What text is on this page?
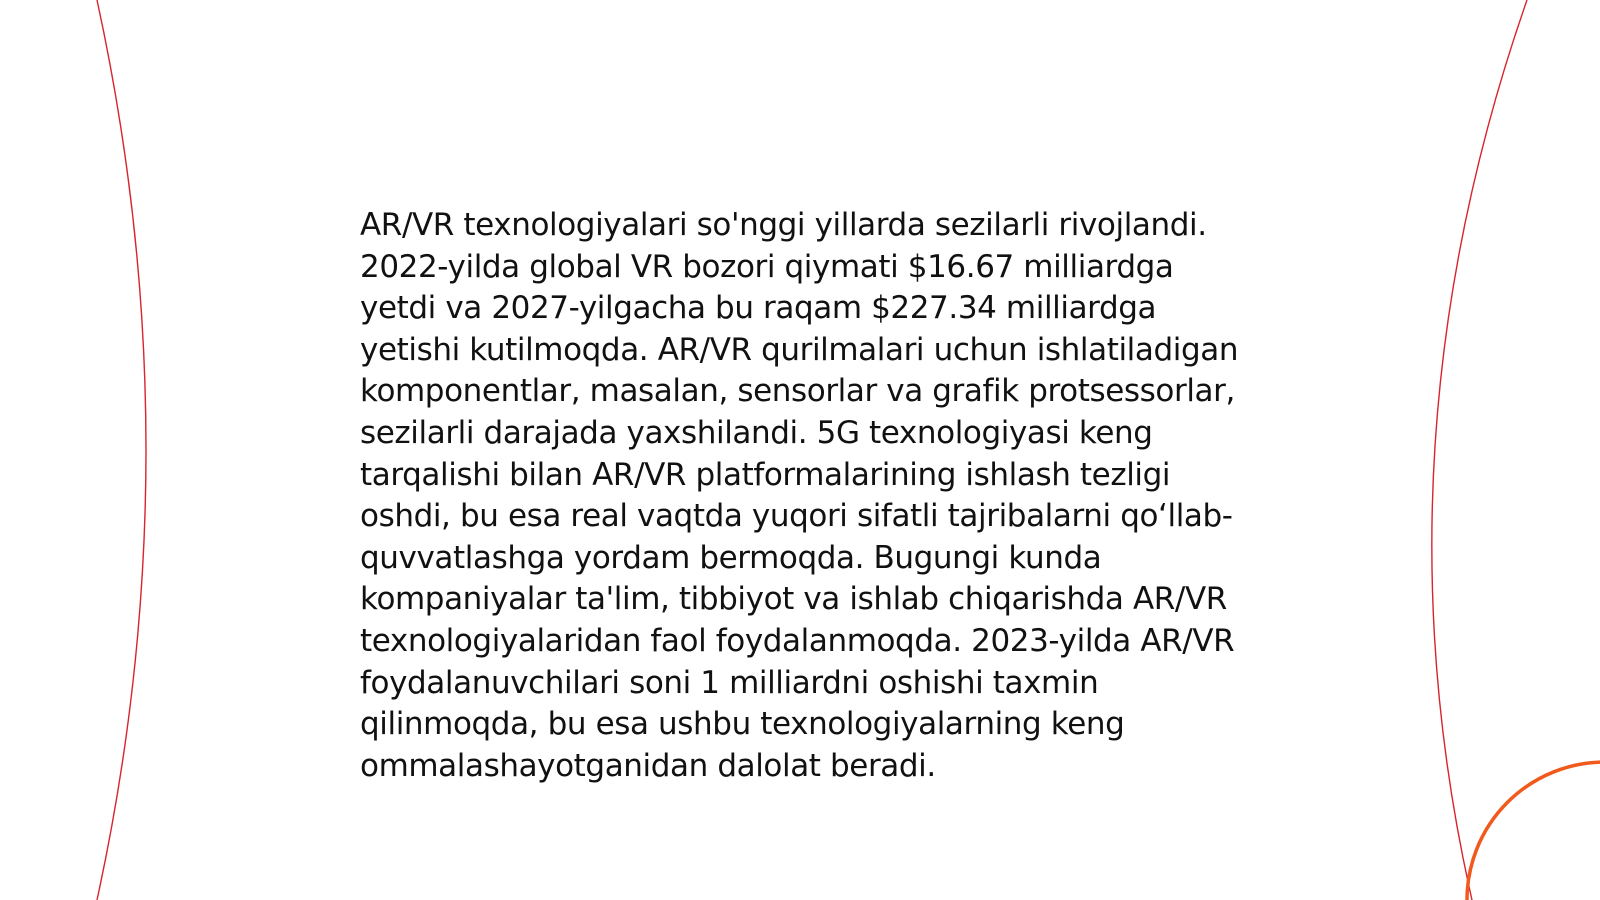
AR/VR texnologiyalari so'nggi yillarda sezilarli rivojlandi. 2022-yilda global VR bozori qiymati $16.67 milliardga yetdi va 2027-yilgacha bu raqam $227.34 milliardga yetishi kutilmoqda. AR/VR qurilmalari uchun ishlatiladigan komponentlar, masalan, sensorlar va grafik protsessorlar, sezilarli darajada yaxshilandi. 5G texnologiyasi keng tarqalishi bilan AR/VR platformalarining ishlash tezligi oshdi, bu esa real vaqtda yuqori sifatli tajribalarni qo‘llab-quvvatlashga yordam bermoqda. Bugungi kunda kompaniyalar ta'lim, tibbiyot va ishlab chiqarishda AR/VR texnologiyalaridan faol foydalanmoqda. 2023-yilda AR/VR foydalanuvchilari soni 1 milliardni oshishi taxmin qilinmoqda, bu esa ushbu texnologiyalarning keng ommalashayotganidan dalolat beradi.
